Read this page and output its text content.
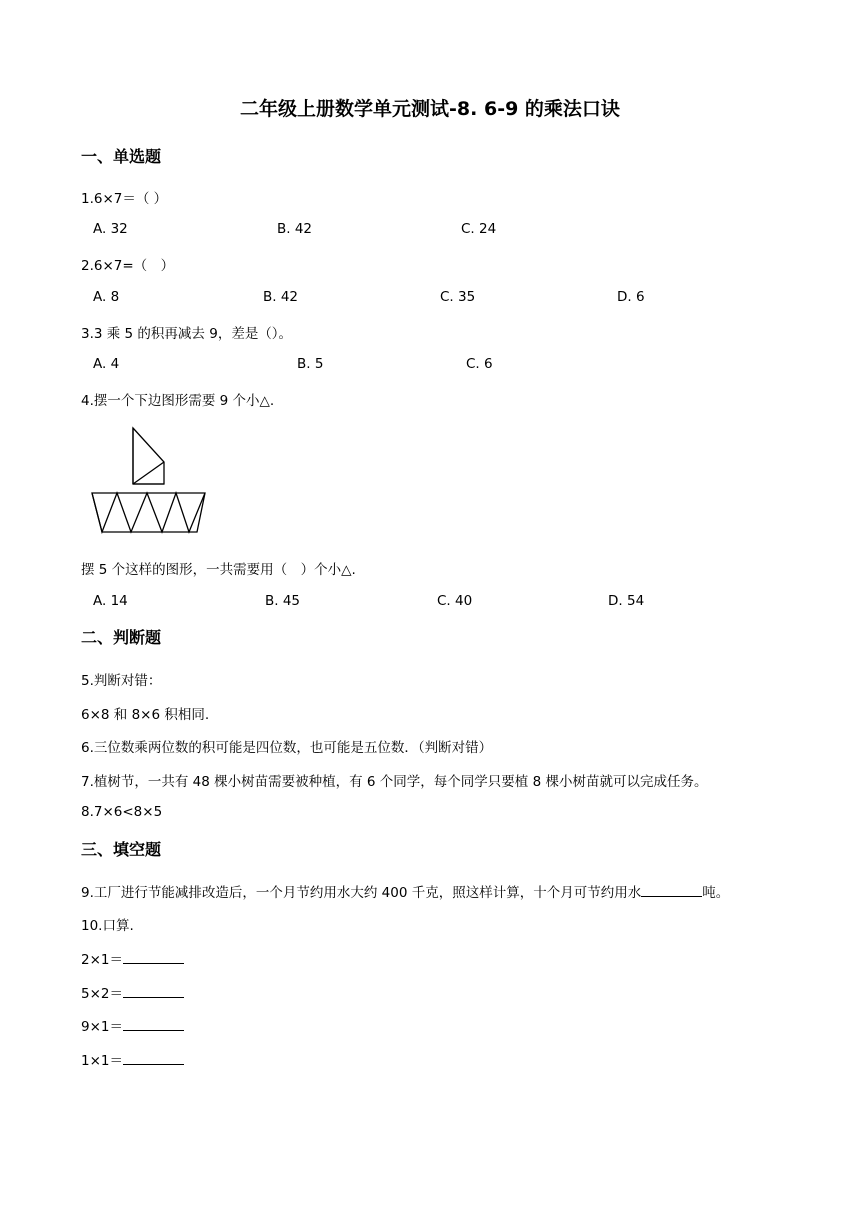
二年级上册数学单元测试-8. 6-9 的乘法口诀
一、单选题
1.6×7＝（ ）
A. 32	B. 42	C. 24
2.6×7=（　）
A. 8	B. 42	C. 35	D. 6
3.3 乘 5 的积再减去 9，差是（）。
A. 4	B. 5	C. 6
4.摆一个下边图形需要 9 个小△.
摆 5 个这样的图形，一共需要用（　）个小△.
A. 14	B. 45	C. 40	D. 54
二、判断题
5.判断对错：
6×8 和 8×6 积相同.
6.三位数乘两位数的积可能是四位数，也可能是五位数．（判断对错）
7.植树节，一共有 48 棵小树苗需要被种植，有 6 个同学，每个同学只要植 8 棵小树苗就可以完成任务。
8.7×6<8×5
三、填空题
9.工厂进行节能减排改造后，一个月节约用水大约 400 千克，照这样计算，十个月可节约用水	吨。
10.口算.
2×1＝
5×2＝
9×1＝
1×1＝
